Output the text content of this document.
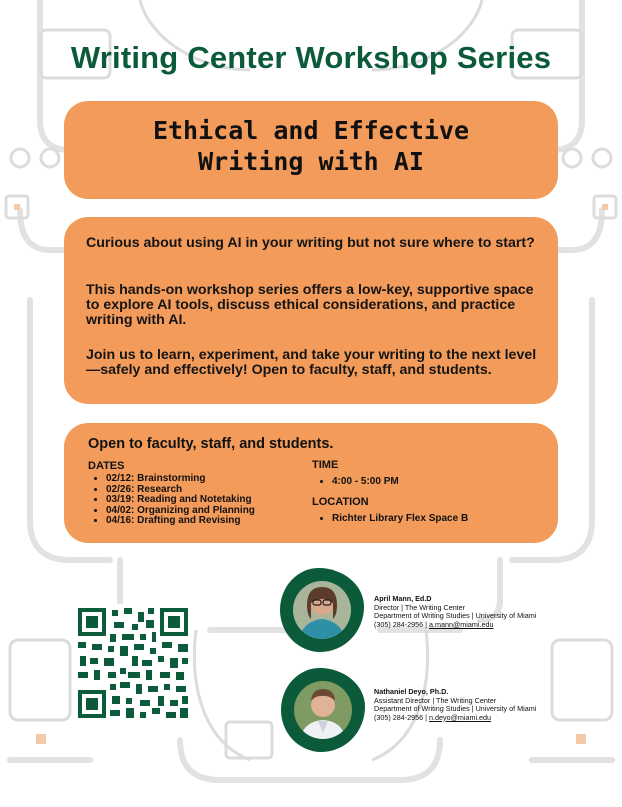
Writing Center Workshop Series
Ethical and Effective
Writing with AI
Curious about using AI in your writing but not sure where to start?
This hands-on workshop series offers a low-key, supportive space to explore AI tools, discuss ethical considerations, and practice writing with AI.
Join us to learn, experiment, and take your writing to the next level—safely and effectively! Open to faculty, staff, and students.
Open to faculty, staff, and students.
DATES
• 02/12: Brainstorming
• 02/26: Research
• 03/19: Reading and Notetaking
• 04/02: Organizing and Planning
• 04/16: Drafting and Revising
TIME
• 4:00 - 5:00 PM
LOCATION
• Richter Library Flex Space B
April Mann, Ed.D
Director | The Writing Center
Department of Writing Studies | University of Miami
(305) 284-2956 | a.mann@miami.edu
Nathaniel Deyo, Ph.D.
Assistant Director | The Writing Center
Department of Writing Studies | University of Miami
(305) 284-2956 | n.deyo@miami.edu
